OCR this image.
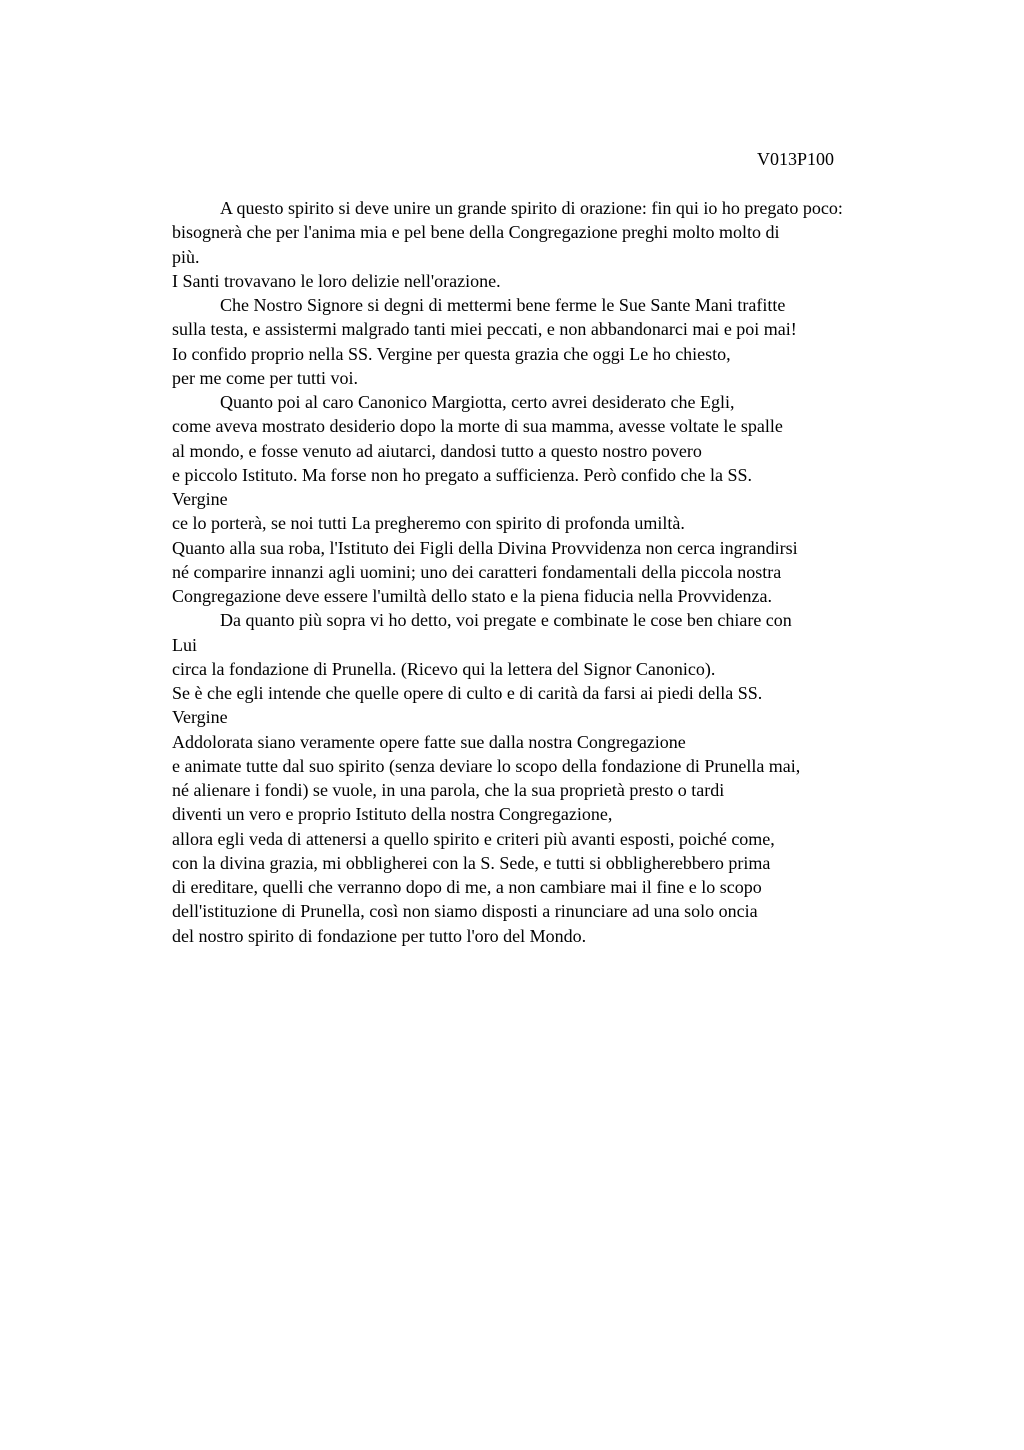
V013P100
A questo spirito si deve unire un grande spirito di orazione: fin qui io ho pregato poco:
bisognerà che per l'anima mia e pel bene della Congregazione preghi molto molto di
più.
I Santi trovavano le loro delizie nell'orazione.
Che Nostro Signore si degni di mettermi bene ferme le Sue Sante Mani trafitte
sulla testa, e assistermi malgrado tanti miei peccati, e non abbandonarci mai e poi mai!
Io confido proprio nella SS. Vergine per questa grazia che oggi Le ho chiesto,
per me come per tutti voi.
Quanto poi al caro Canonico Margiotta, certo avrei desiderato che Egli,
come aveva mostrato desiderio dopo la morte di sua mamma, avesse voltate le spalle
al mondo, e fosse venuto ad aiutarci, dandosi tutto a questo nostro povero
e piccolo Istituto. Ma forse non ho pregato a sufficienza. Però confido che la SS.
Vergine
ce lo porterà, se noi tutti La pregheremo con spirito di profonda umiltà.
Quanto alla sua roba, l'Istituto dei Figli della Divina Provvidenza non cerca ingrandirsi
né comparire innanzi agli uomini; uno dei caratteri fondamentali della piccola nostra
Congregazione deve essere l'umiltà dello stato e la piena fiducia nella Provvidenza.
Da quanto più sopra vi ho detto, voi pregate e combinate le cose ben chiare con
Lui
circa la fondazione di Prunella. (Ricevo qui la lettera del Signor Canonico).
Se è che egli intende che quelle opere di culto e di carità da farsi ai piedi della SS.
Vergine
Addolorata siano veramente opere fatte sue dalla nostra Congregazione
e animate tutte dal suo spirito (senza deviare lo scopo della fondazione di Prunella mai,
né alienare i fondi) se vuole, in una parola, che la sua proprietà presto o tardi
diventi un vero e proprio Istituto della nostra Congregazione,
allora egli veda di attenersi a quello spirito e criteri più avanti esposti, poiché come,
con la divina grazia, mi obbligherei con la S. Sede, e tutti si obbligherebbero prima
di ereditare, quelli che verranno dopo di me, a non cambiare mai il fine e lo scopo
dell'istituzione di Prunella, così non siamo disposti a rinunciare ad una solo oncia
del nostro spirito di fondazione per tutto l'oro del Mondo.
